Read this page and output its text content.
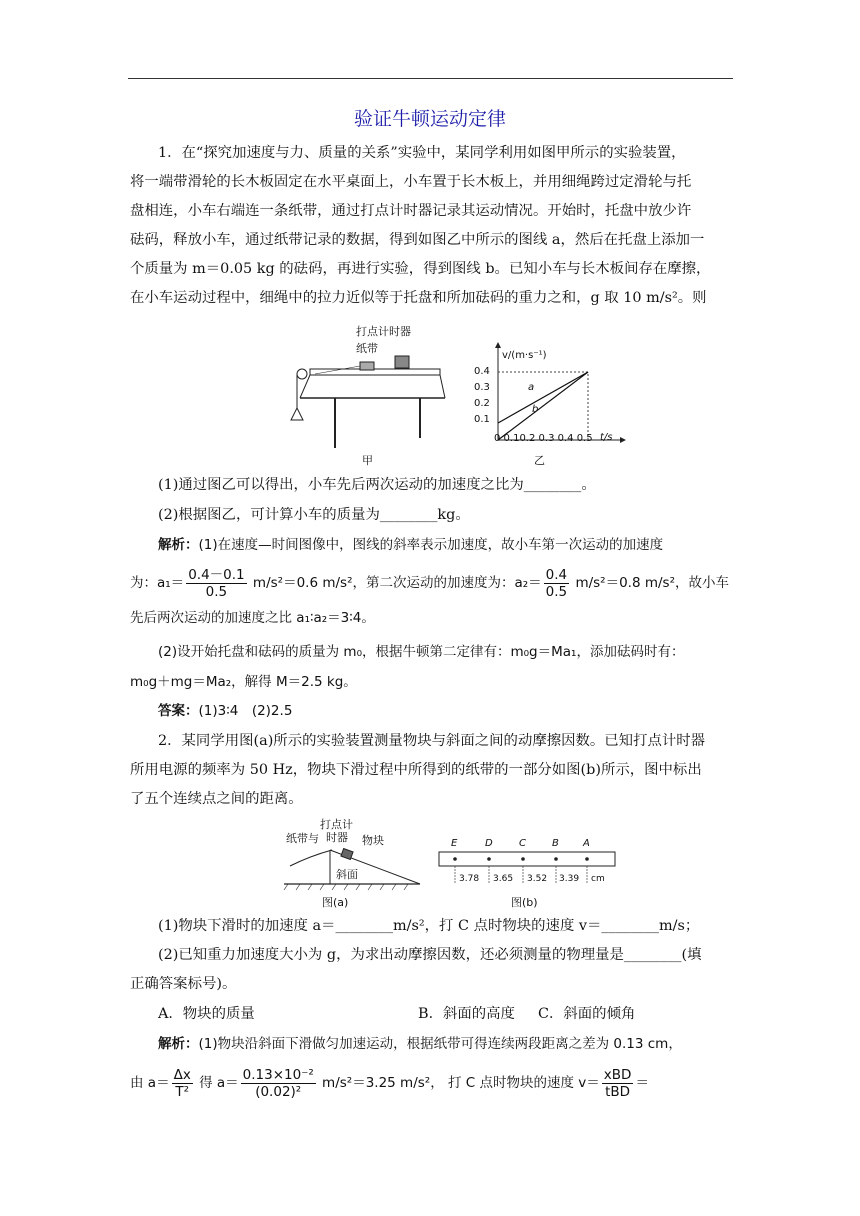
验证牛顿运动定律
1．在“探究加速度与力、质量的关系”实验中，某同学利用如图甲所示的实验装置，
将一端带滑轮的长木板固定在水平桌面上，小车置于长木板上，并用细绳跨过定滑轮与托
盘相连，小车右端连一条纸带，通过打点计时器记录其运动情况。开始时，托盘中放少许
砝码，释放小车，通过纸带记录的数据，得到如图乙中所示的图线 a，然后在托盘上添加一
个质量为 m＝0.05 kg 的砝码，再进行实验，得到图线 b。已知小车与长木板间存在摩擦，
在小车运动过程中，细绳中的拉力近似等于托盘和所加砝码的重力之和，g 取 10 m/s²。则
打点计时器
纸带
甲
v/(m·s⁻¹)
t/s
0.4
0.3
0.2
0.1
0 0.10.2 0.3 0.4 0.5
a
b
乙
(1)通过图乙可以得出，小车先后两次运动的加速度之比为________。
(2)根据图乙，可计算小车的质量为________kg。
解析：(1)在速度—时间图像中，图线的斜率表示加速度，故小车第一次运动的加速度
为：$a_1= \frac{0.4-0.1}{0.5} m/s^2=0.6$ m/s²，第二次运动的加速度为：$a_2= \frac{0.4}{0.5} m/s^2=0.8$ m/s²，故小车
先后两次运动的加速度之比 a₁∶a₂＝3∶4。
(2)设开始托盘和砝码的质量为 m₀，根据牛顿第二定律有：m₀g＝Ma₁，添加砝码时有：
m₀g＋mg＝Ma₂，解得 M＝2.5 kg。
答案：(1)3∶4　(2)2.5
2．某同学用图(a)所示的实验装置测量物块与斜面之间的动摩擦因数。已知打点计时器
所用电源的频率为 50 Hz，物块下滑过程中所得到的纸带的一部分如图(b)所示，图中标出
了五个连续点之间的距离。
打点计
时器
纸带与	物块
斜面
图(a)
E	D	C	B A
3.78 3.65 3.52 3.39 cm
图(b)
(1)物块下滑时的加速度 a＝________m/s²，打 C 点时物块的速度 v＝________m/s；
(2)已知重力加速度大小为 g，为求出动摩擦因数，还必须测量的物理量是________(填
正确答案标号)。
A．物块的质量	B．斜面的高度	C．斜面的倾角
解析：(1)物块沿斜面下滑做匀加速运动，根据纸带可得连续两段距离之差为 0.13 cm，
由 $a= \frac{\Delta x}{\text{T²}}$ 得 $a= \frac{\text{0.13×10⁻²}}{\text{(0.02)²}} m/s^2=3.25$ m/s²， 打 C 点时物块的速度 $v= \frac{\text{xBD}}{\text{tBD}}$ ＝
